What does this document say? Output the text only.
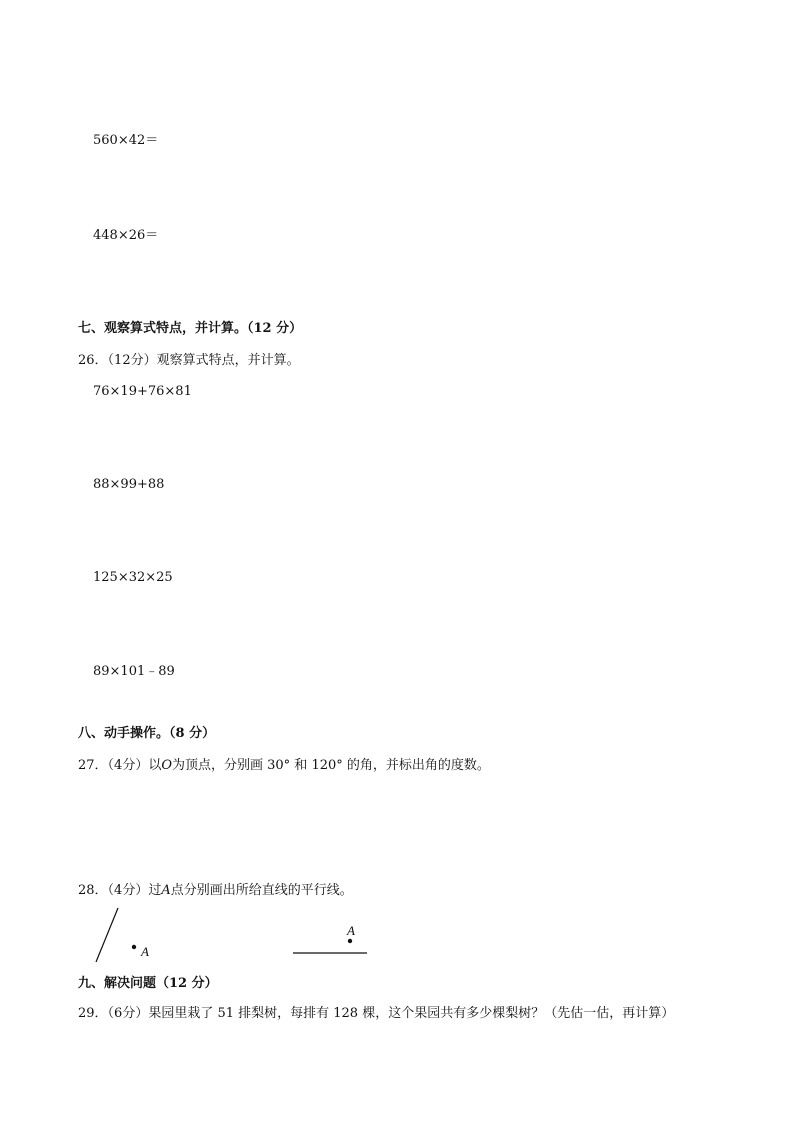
560×42＝
448×26＝
七、观察算式特点，并计算。（12 分）
26．（12分）观察算式特点，并计算。
76×19+76×81
88×99+88
125×32×25
89×101﹣89
八、动手操作。（8 分）
27．（4分）以O为顶点，分别画 30° 和 120° 的角，并标出角的度数。
28．（4分）过A点分别画出所给直线的平行线。
A
A
九、解决问题（12 分）
29．（6分）果园里栽了 51 排梨树，每排有 128 棵，这个果园共有多少棵梨树？（先估一估，再计算）
